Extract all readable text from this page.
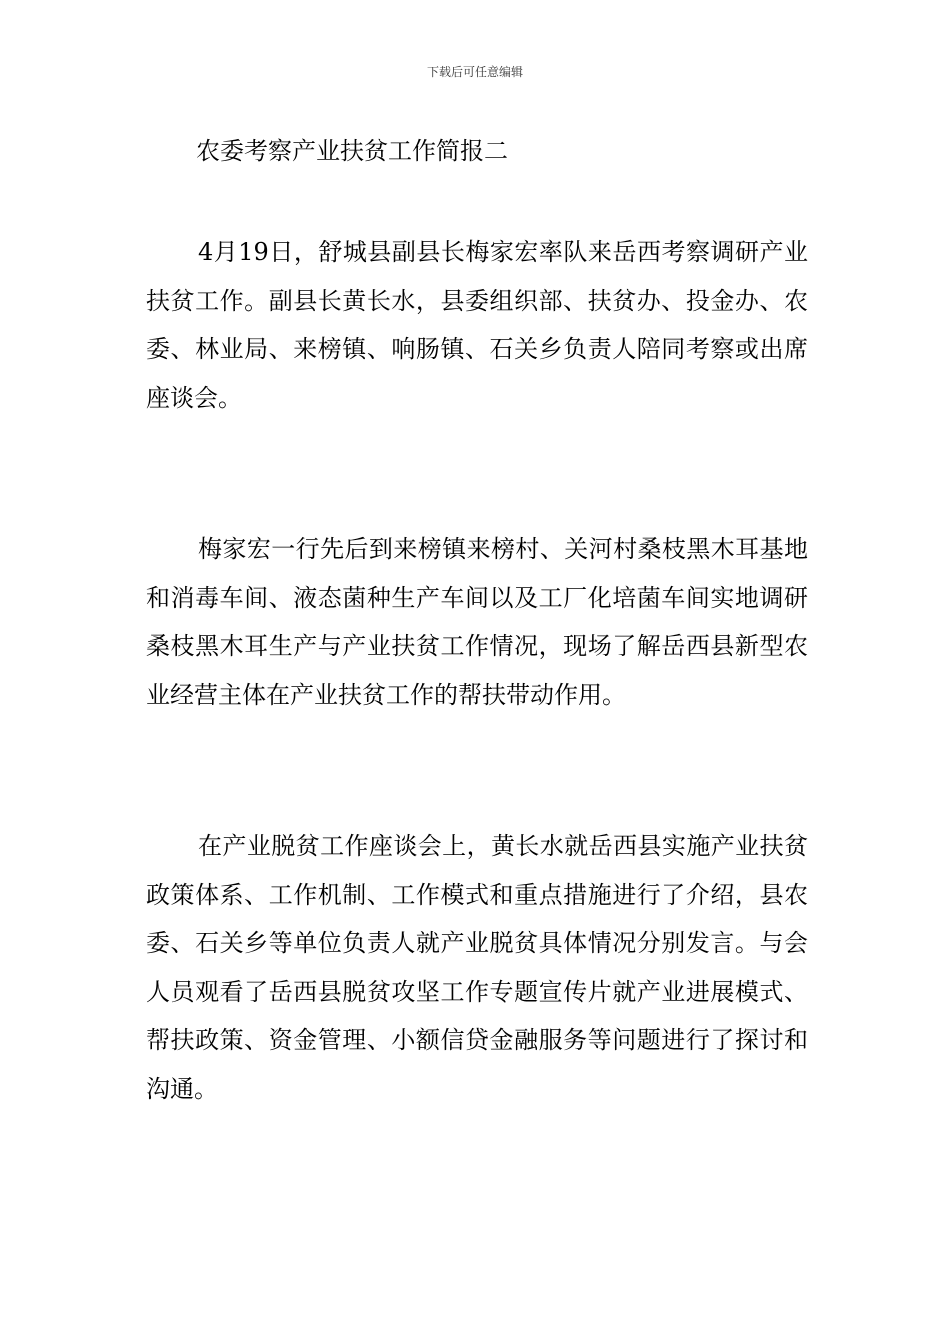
下载后可任意编辑
农委考察产业扶贫工作简报二

4月19日，舒城县副县长梅家宏率队来岳西考察调研产业扶贫工作。副县长黄长水，县委组织部、扶贫办、投金办、农委、林业局、来榜镇、响肠镇、石关乡负责人陪同考察或出席座谈会。

梅家宏一行先后到来榜镇来榜村、关河村桑枝黑木耳基地和消毒车间、液态菌种生产车间以及工厂化培菌车间实地调研桑枝黑木耳生产与产业扶贫工作情况，现场了解岳西县新型农业经营主体在产业扶贫工作的帮扶带动作用。

在产业脱贫工作座谈会上，黄长水就岳西县实施产业扶贫政策体系、工作机制、工作模式和重点措施进行了介绍，县农委、石关乡等单位负责人就产业脱贫具体情况分别发言。与会人员观看了岳西县脱贫攻坚工作专题宣传片就产业进展模式、帮扶政策、资金管理、小额信贷金融服务等问题进行了探讨和沟通。
